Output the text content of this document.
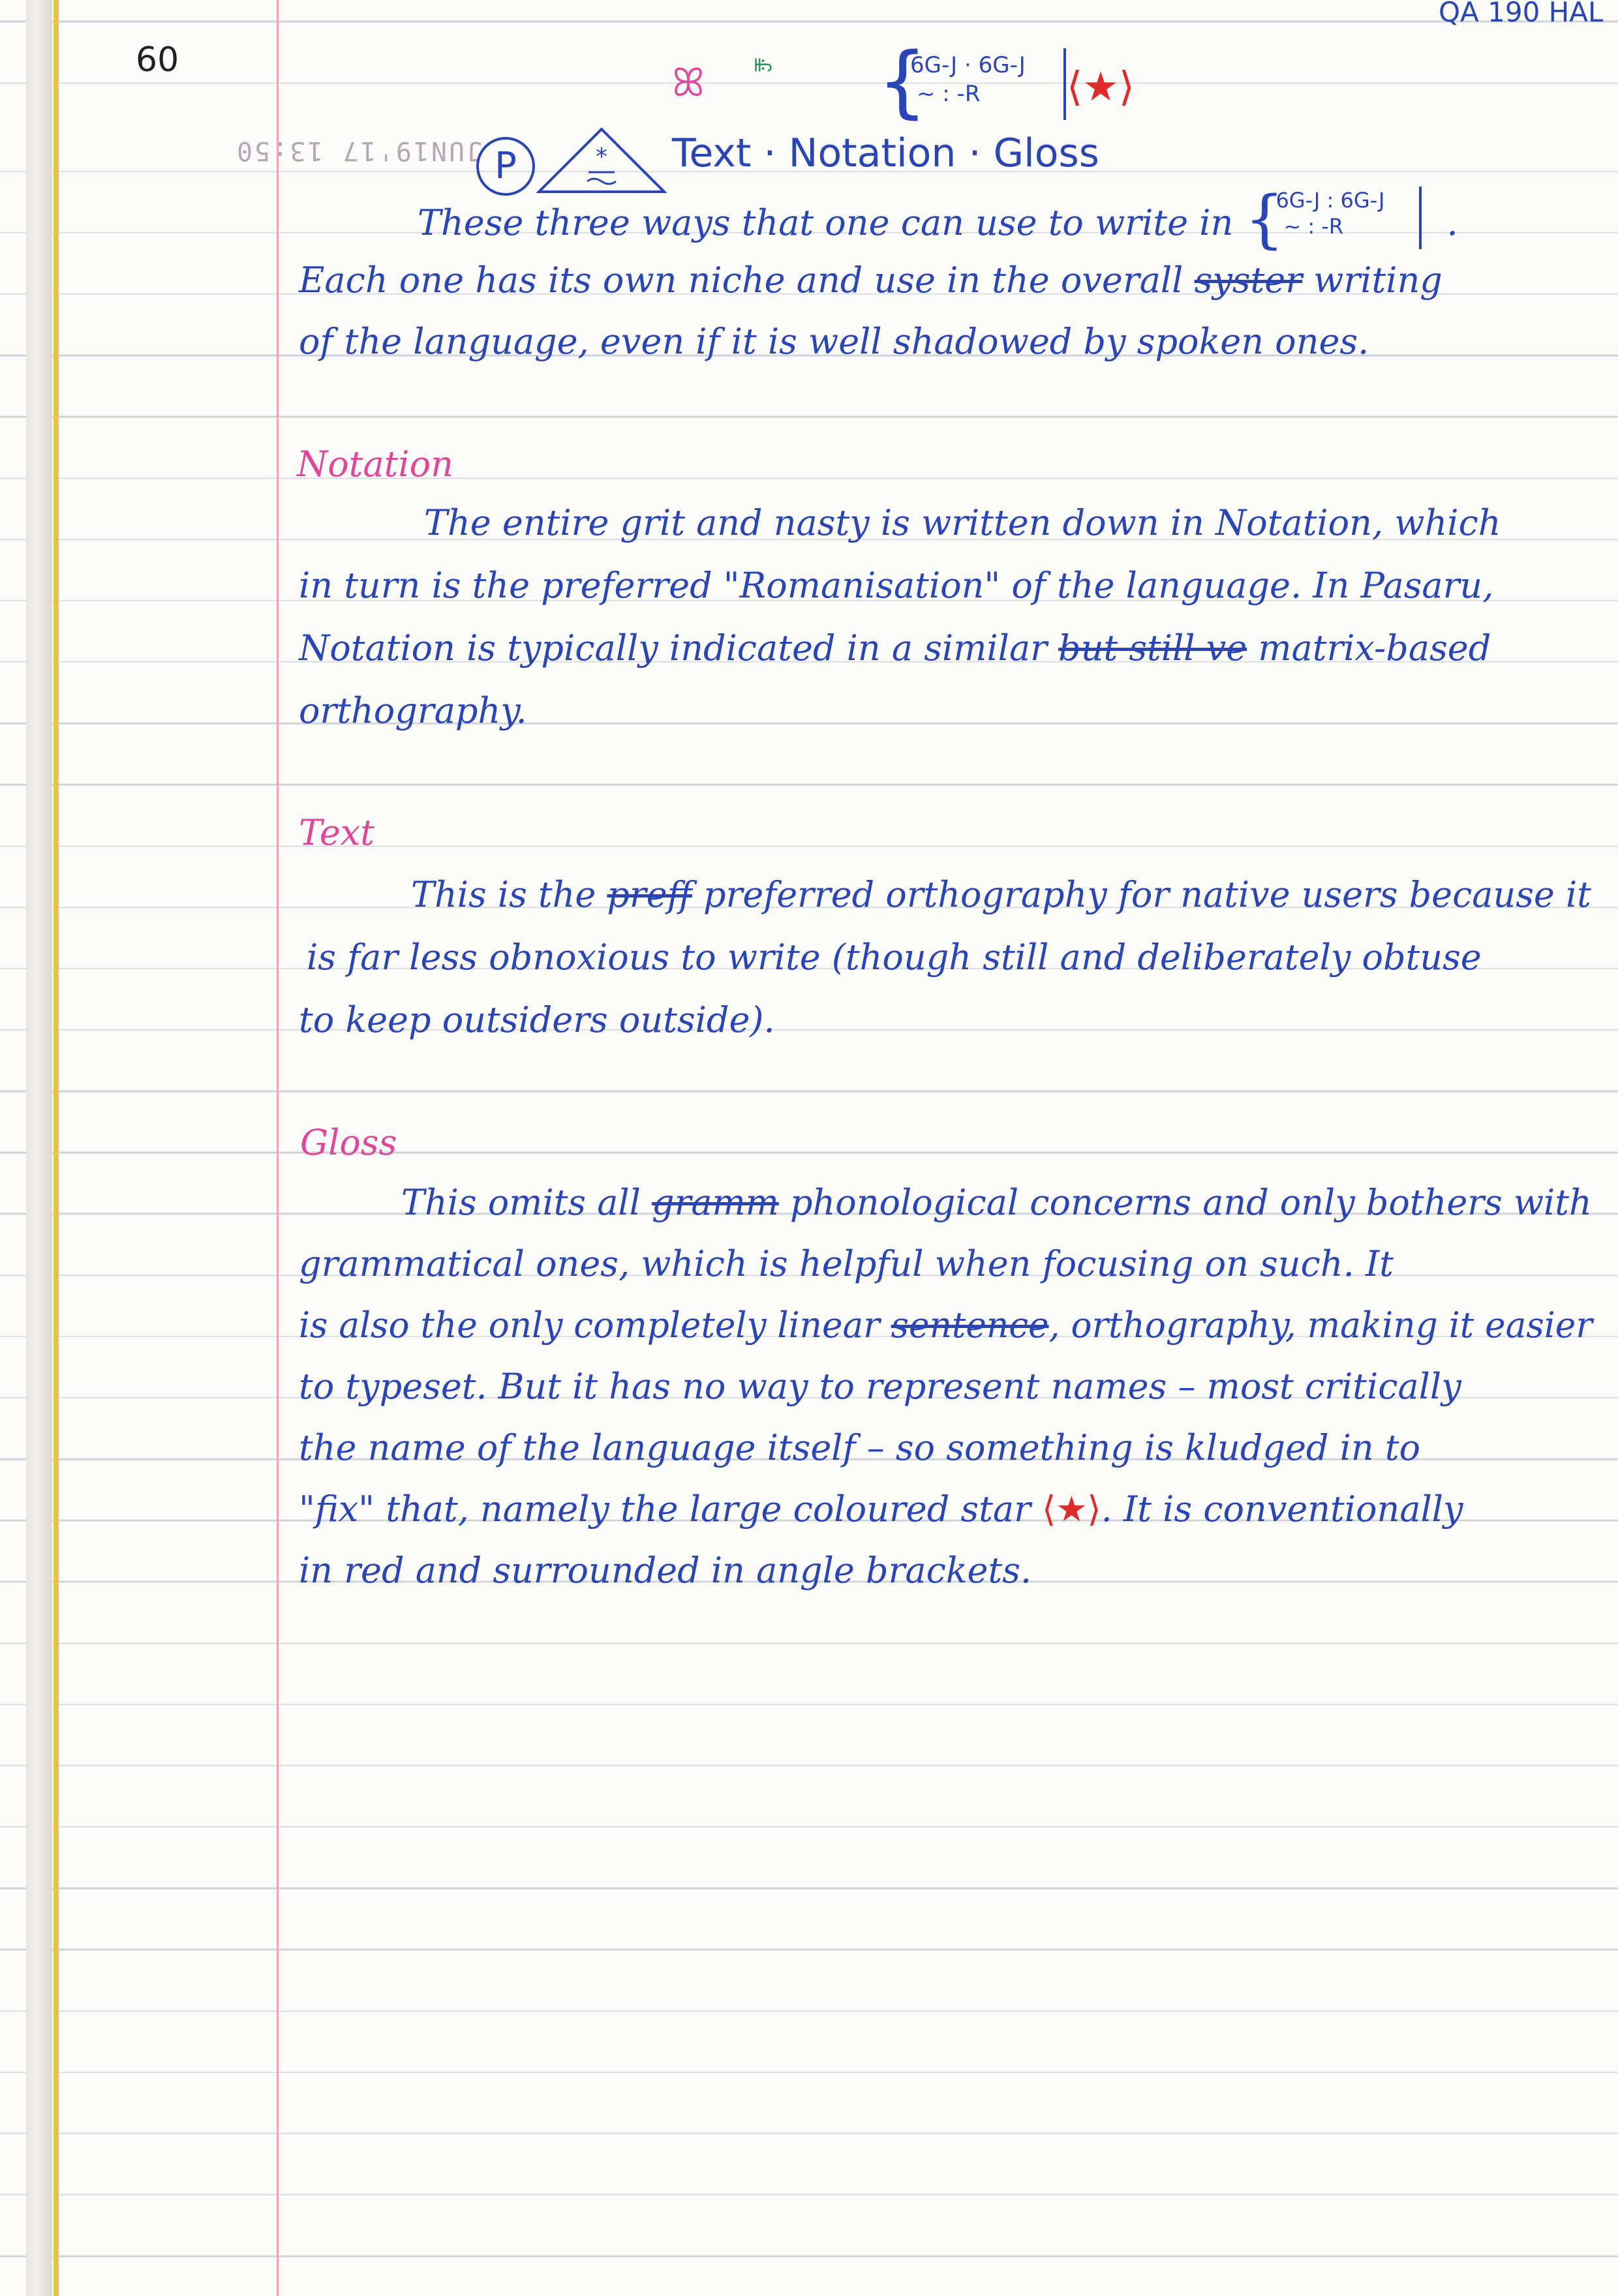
60
QA 190 HAL
JUN19'17 13:50
ꕤ	ꖳ {
6G-J · 6G-J
~ : -R ⟨★⟩
P	* Text · Notation · Gloss
These three ways that one can use to write in {
6G-J : 6G-J
~ : -R	.
Each one has its own niche and use in the overall syster writing
of the language, even if it is well shadowed by spoken ones.
Notation
The entire grit and nasty is written down in Notation, which
in turn is the preferred "Romanisation" of the language. In Pasaru,
Notation is typically indicated in a similar but still ve matrix-based
orthography.
Text
This is the preff preferred orthography for native users because it
is far less obnoxious to write (though still and deliberately obtuse
to keep outsiders outside).
Gloss
This omits all gramm phonological concerns and only bothers with
grammatical ones, which is helpful when focusing on such. It
is also the only completely linear sentence, orthography, making it easier
to typeset. But it has no way to represent names – most critically
the name of the language itself – so something is kludged in to
"fix" that, namely the large coloured star ⟨★⟩. It is conventionally
in red and surrounded in angle brackets.
